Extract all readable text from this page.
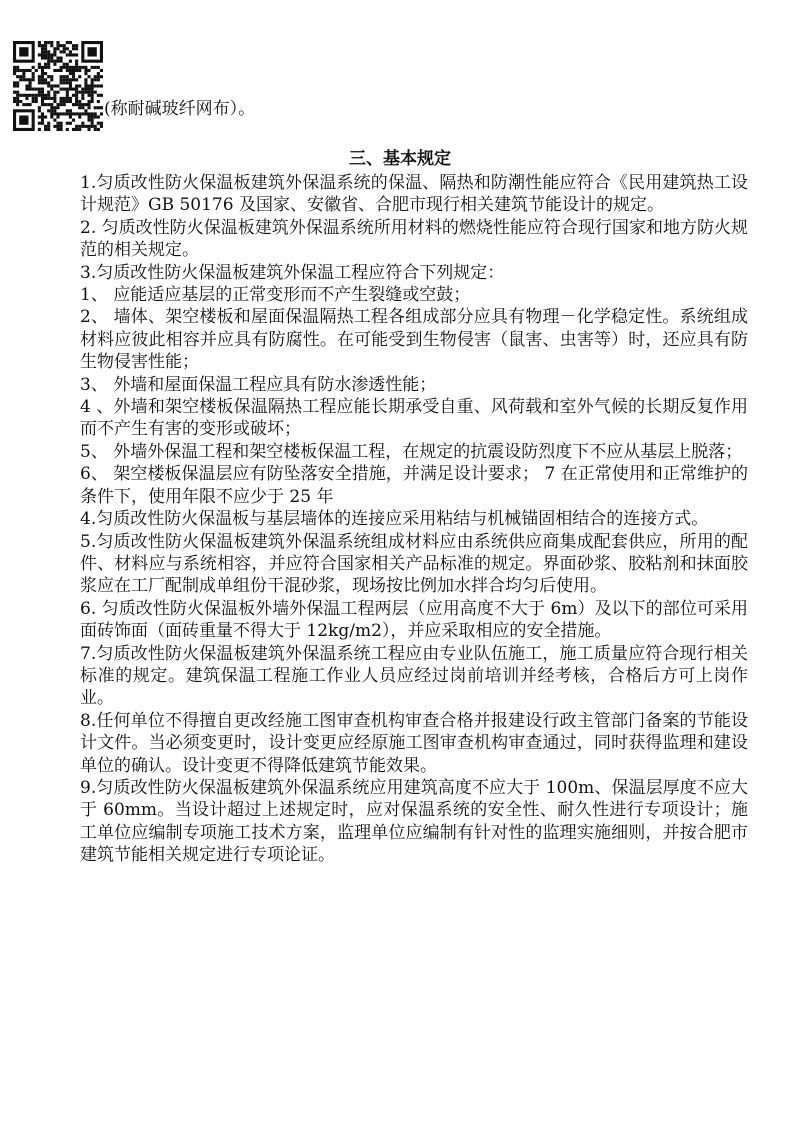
(称耐碱玻纤网布）。
三、基本规定

1.匀质改性防火保温板建筑外保温系统的保温、隔热和防潮性能应符合《民用建筑热工设计规范》GB 50176 及国家、安徽省、合肥市现行相关建筑节能设计的规定。

2. 匀质改性防火保温板建筑外保温系统所用材料的燃烧性能应符合现行国家和地方防火规范的相关规定。

3.匀质改性防火保温板建筑外保温工程应符合下列规定：

1、 应能适应基层的正常变形而不产生裂缝或空鼓；

2、 墙体、架空楼板和屋面保温隔热工程各组成部分应具有物理－化学稳定性。系统组成材料应彼此相容并应具有防腐性。在可能受到生物侵害（鼠害、虫害等）时，还应具有防生物侵害性能；

3、 外墙和屋面保温工程应具有防水渗透性能；

4 、外墙和架空楼板保温隔热工程应能长期承受自重、风荷载和室外气候的长期反复作用而不产生有害的变形或破坏；

5、 外墙外保温工程和架空楼板保温工程，在规定的抗震设防烈度下不应从基层上脱落；

6、 架空楼板保温层应有防坠落安全措施，并满足设计要求； 7 在正常使用和正常维护的条件下，使用年限不应少于 25 年

4.匀质改性防火保温板与基层墙体的连接应采用粘结与机械锚固相结合的连接方式。

5.匀质改性防火保温板建筑外保温系统组成材料应由系统供应商集成配套供应，所用的配件、材料应与系统相容，并应符合国家相关产品标准的规定。界面砂浆、胶粘剂和抹面胶浆应在工厂配制成单组份干混砂浆，现场按比例加水拌合均匀后使用。

6. 匀质改性防火保温板外墙外保温工程两层（应用高度不大于 6m）及以下的部位可采用面砖饰面（面砖重量不得大于 12kg/m2），并应采取相应的安全措施。

7.匀质改性防火保温板建筑外保温系统工程应由专业队伍施工，施工质量应符合现行相关标准的规定。建筑保温工程施工作业人员应经过岗前培训并经考核，合格后方可上岗作业。

8.任何单位不得擅自更改经施工图审查机构审查合格并报建设行政主管部门备案的节能设计文件。当必须变更时，设计变更应经原施工图审查机构审查通过，同时获得监理和建设单位的确认。设计变更不得降低建筑节能效果。

9.匀质改性防火保温板建筑外保温系统应用建筑高度不应大于 100m、保温层厚度不应大于 60mm。当设计超过上述规定时，应对保温系统的安全性、耐久性进行专项设计；施工单位应编制专项施工技术方案，监理单位应编制有针对性的监理实施细则，并按合肥市建筑节能相关规定进行专项论证。
